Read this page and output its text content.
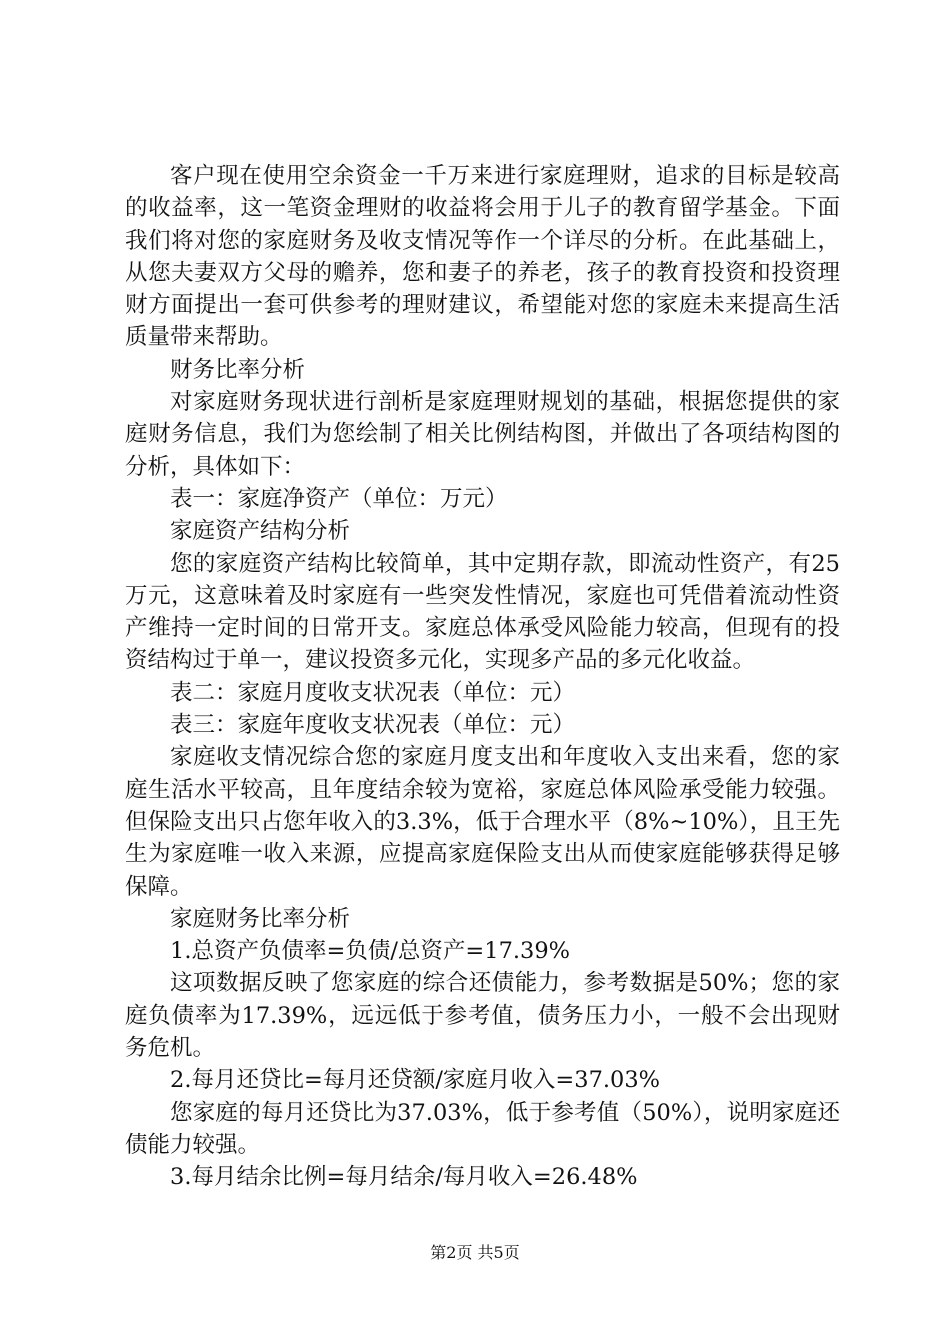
客户现在使用空余资金一千万来进行家庭理财，追求的目标是较高的收益率，这一笔资金理财的收益将会用于儿子的教育留学基金。下面我们将对您的家庭财务及收支情况等作一个详尽的分析。在此基础上，从您夫妻双方父母的赡养，您和妻子的养老，孩子的教育投资和投资理财方面提出一套可供参考的理财建议，希望能对您的家庭未来提高生活质量带来帮助。

财务比率分析

对家庭财务现状进行剖析是家庭理财规划的基础，根据您提供的家庭财务信息，我们为您绘制了相关比例结构图，并做出了各项结构图的分析，具体如下：

表一：家庭净资产（单位：万元）

家庭资产结构分析

您的家庭资产结构比较简单，其中定期存款，即流动性资产，有25万元，这意味着及时家庭有一些突发性情况，家庭也可凭借着流动性资产维持一定时间的日常开支。家庭总体承受风险能力较高，但现有的投资结构过于单一，建议投资多元化，实现多产品的多元化收益。

表二：家庭月度收支状况表（单位：元）

表三：家庭年度收支状况表（单位：元）

家庭收支情况综合您的家庭月度支出和年度收入支出来看，您的家庭生活水平较高，且年度结余较为宽裕，家庭总体风险承受能力较强。但保险支出只占您年收入的3.3%，低于合理水平（8%~10%），且王先生为家庭唯一收入来源，应提高家庭保险支出从而使家庭能够获得足够保障。

家庭财务比率分析

1.总资产负债率=负债/总资产=17.39%

这项数据反映了您家庭的综合还债能力，参考数据是50%；您的家庭负债率为17.39%，远远低于参考值，债务压力小，一般不会出现财务危机。

2.每月还贷比=每月还贷额/家庭月收入=37.03%

您家庭的每月还贷比为37.03%，低于参考值（50%），说明家庭还债能力较强。

3.每月结余比例=每月结余/每月收入=26.48%

第2页 共5页
